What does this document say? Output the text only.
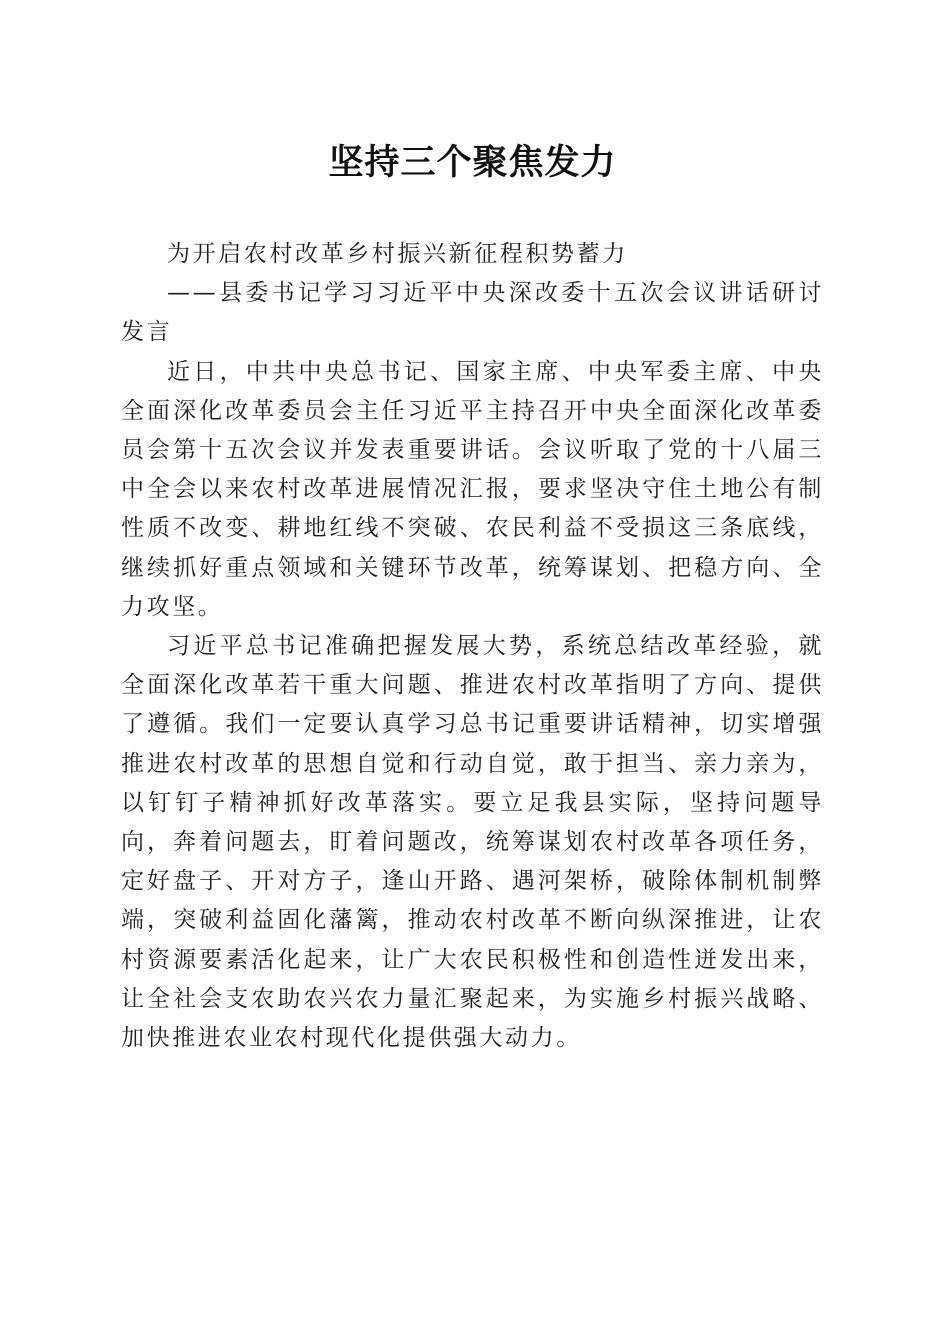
坚持三个聚焦发力

为开启农村改革乡村振兴新征程积势蓄力

——县委书记学习习近平中央深改委十五次会议讲话研讨发言

近日，中共中央总书记、国家主席、中央军委主席、中央全面深化改革委员会主任习近平主持召开中央全面深化改革委员会第十五次会议并发表重要讲话。会议听取了党的十八届三中全会以来农村改革进展情况汇报，要求坚决守住土地公有制性质不改变、耕地红线不突破、农民利益不受损这三条底线，继续抓好重点领域和关键环节改革，统筹谋划、把稳方向、全力攻坚。

习近平总书记准确把握发展大势，系统总结改革经验，就全面深化改革若干重大问题、推进农村改革指明了方向、提供了遵循。我们一定要认真学习总书记重要讲话精神，切实增强推进农村改革的思想自觉和行动自觉，敢于担当、亲力亲为，以钉钉子精神抓好改革落实。要立足我县实际，坚持问题导向，奔着问题去，盯着问题改，统筹谋划农村改革各项任务，定好盘子、开对方子，逢山开路、遇河架桥，破除体制机制弊端，突破利益固化藩篱，推动农村改革不断向纵深推进，让农村资源要素活化起来，让广大农民积极性和创造性迸发出来，让全社会支农助农兴农力量汇聚起来，为实施乡村振兴战略、加快推进农业农村现代化提供强大动力。
